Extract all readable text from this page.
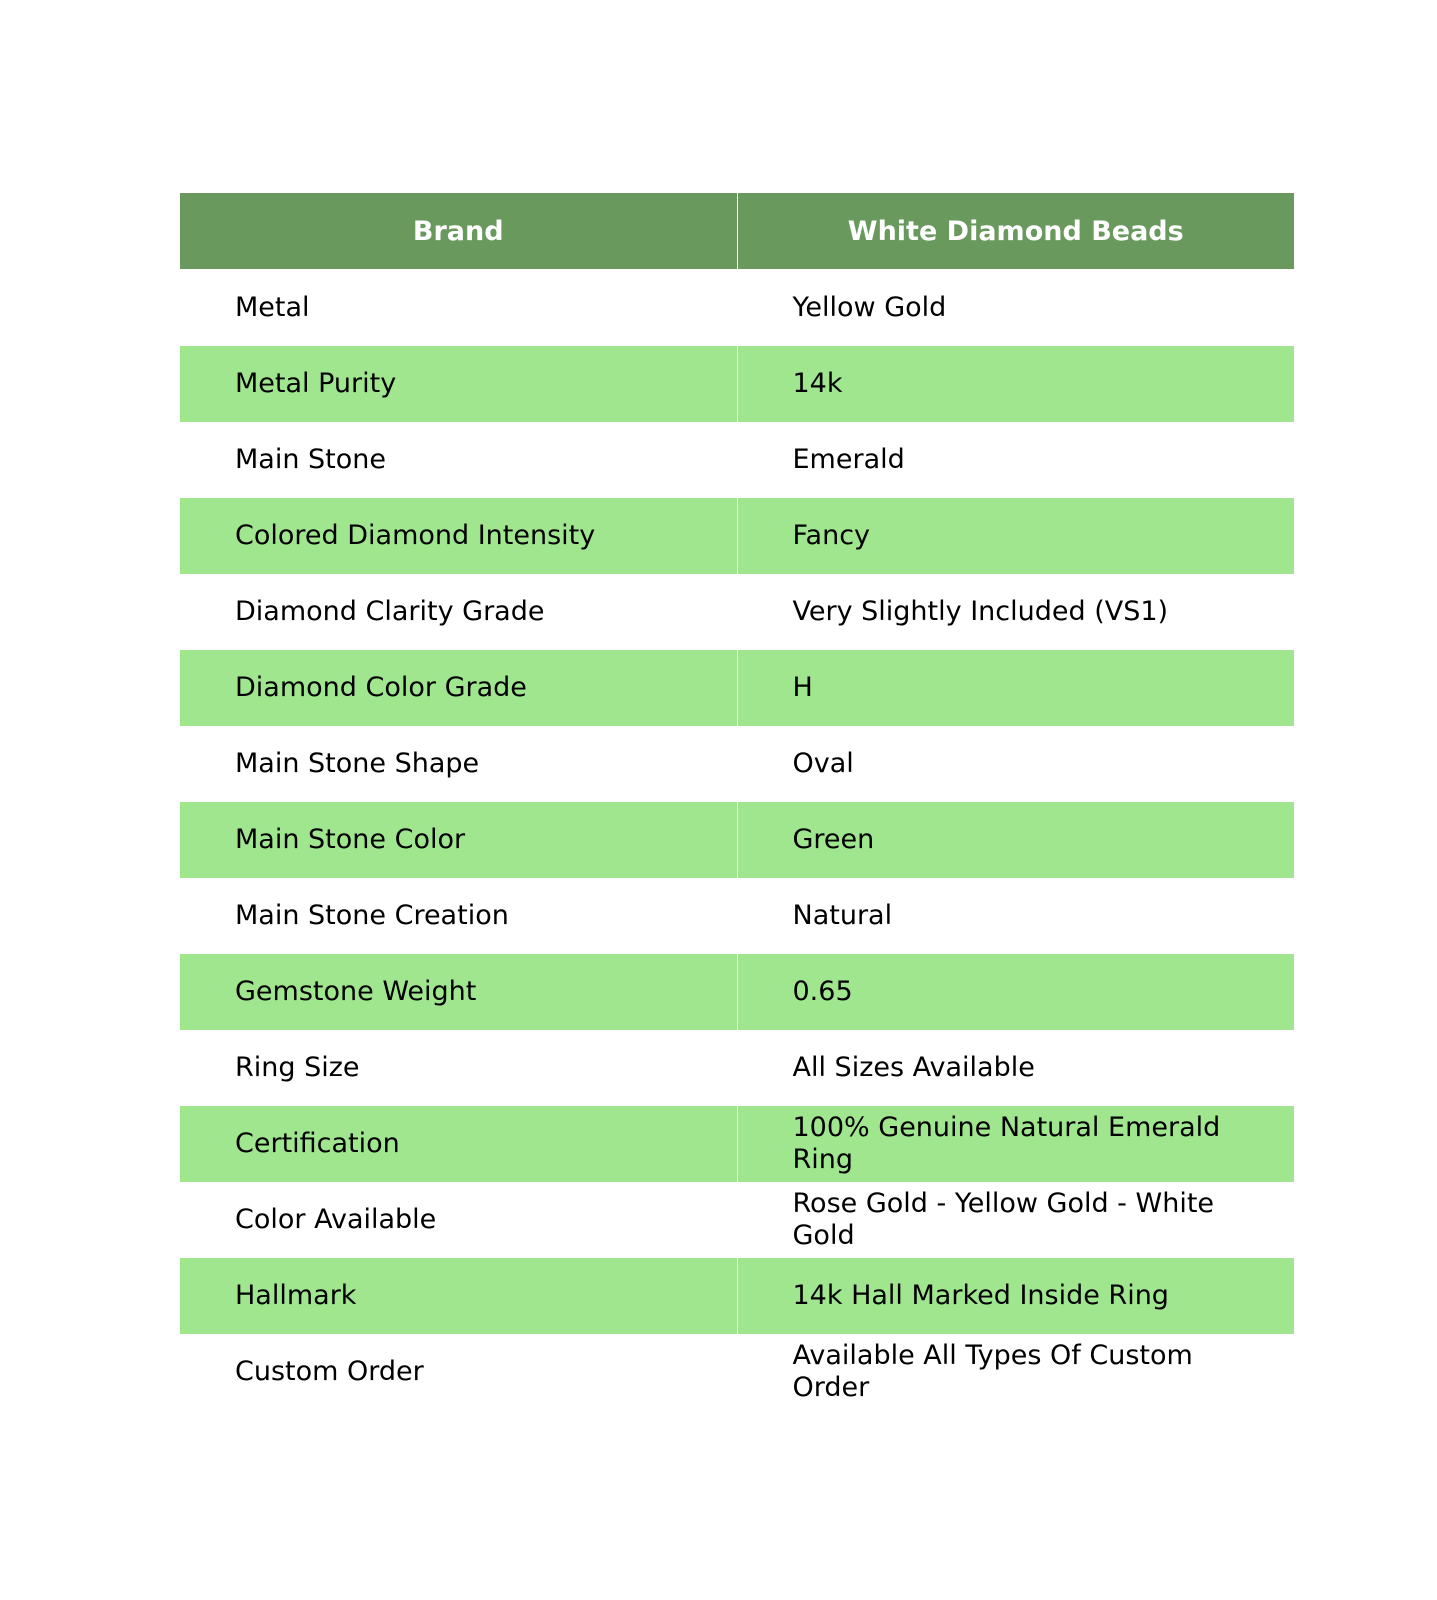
Brand	White Diamond Beads
Metal	Yellow Gold

Metal Purity	14k

Main Stone	Emerald

Colored Diamond Intensity	Fancy

Diamond Clarity Grade	Very Slightly Included (VS1)

Diamond Color Grade	H

Main Stone Shape	Oval

Main Stone Color	Green

Main Stone Creation	Natural

Gemstone Weight	0.65

Ring Size	All Sizes Available

Certification	100% Genuine Natural Emerald Ring

Color Available	Rose Gold - Yellow Gold - White Gold

Hallmark	14k Hall Marked Inside Ring

Custom Order	Available All Types Of Custom Order
